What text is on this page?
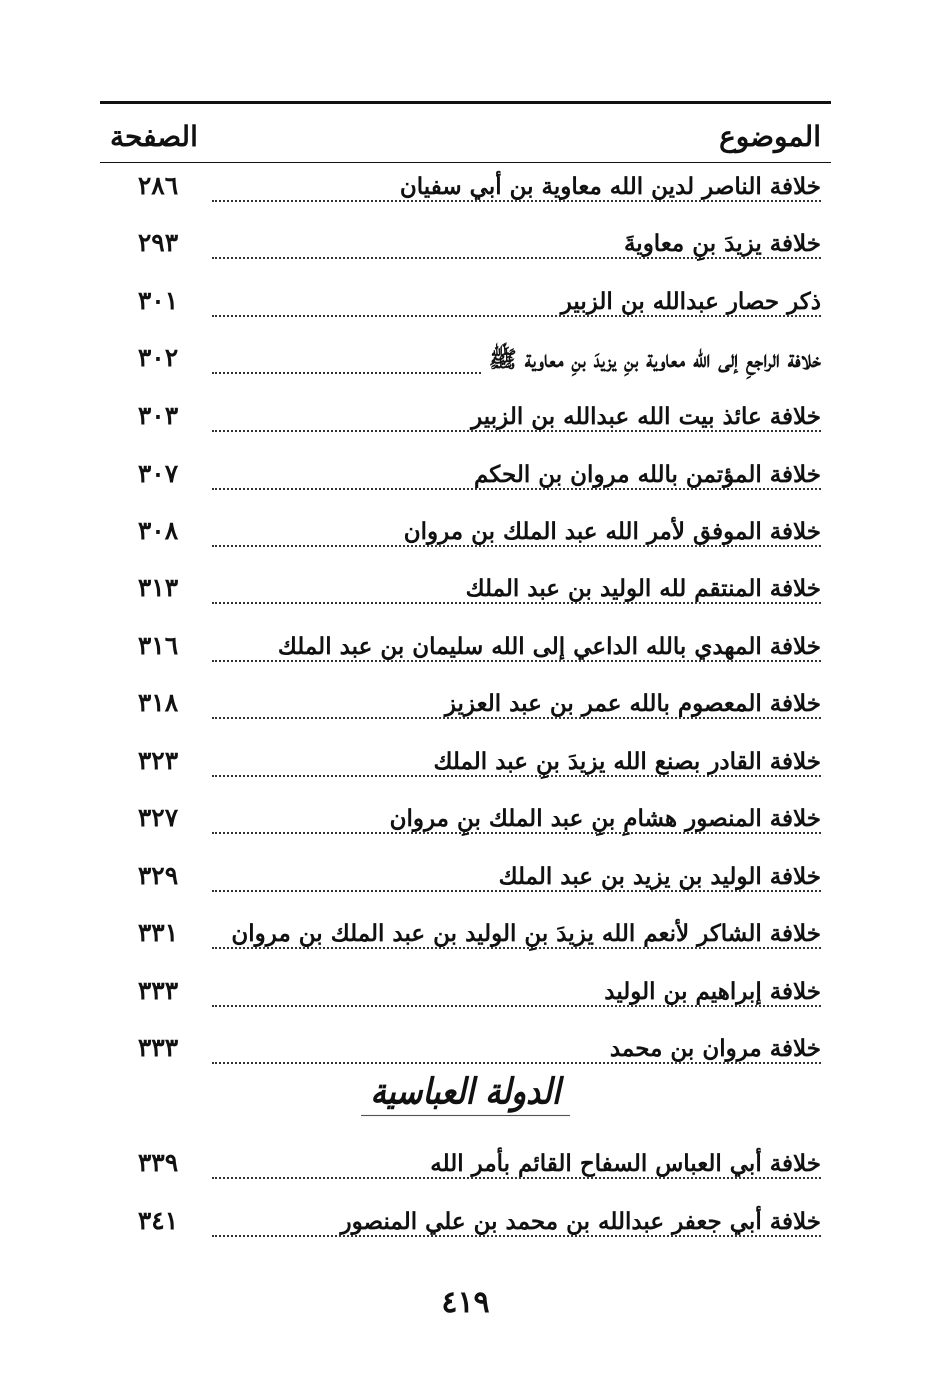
الموضوع
الصفحة
خلافة الناصر لدين الله معاوية بن أبي سفيان
٢٨٦
خلافة يزيدَ بنِ معاويةَ
٢٩٣
ذكر حصار عبدالله بن الزبير
٣٠١
خلافة الراجعِ إلى الله معاوية بنِ يزيدَ بنِ معاوية ﷺ
٣٠٢
خلافة عائذ بيت الله عبدالله بن الزبير
٣٠٣
خلافة المؤتمن بالله مروان بن الحكم
٣٠٧
خلافة الموفق لأمر الله عبد الملك بن مروان
٣٠٨
خلافة المنتقم لله الوليد بن عبد الملك
٣١٣
خلافة المهدي بالله الداعي إلى الله سليمان بن عبد الملك
٣١٦
خلافة المعصوم بالله عمر بن عبد العزيز
٣١٨
خلافة القادر بصنع الله يزيدَ بنِ عبد الملك
٣٢٣
خلافة المنصور هشامِ بنِ عبد الملك بنِ مروان
٣٢٧
خلافة الوليد بن يزيد بن عبد الملك
٣٢٩
خلافة الشاكر لأنعم الله يزيدَ بنِ الوليد بن عبد الملك بن مروان
٣٣١
خلافة إبراهيم بن الوليد
٣٣٣
خلافة مروان بن محمد
٣٣٣
خلافة أبي العباس السفاح القائم بأمر الله
٣٣٩
خلافة أبي جعفر عبدالله بن محمد بن علي المنصور
٣٤١
الدولة العباسية
٤١٩
